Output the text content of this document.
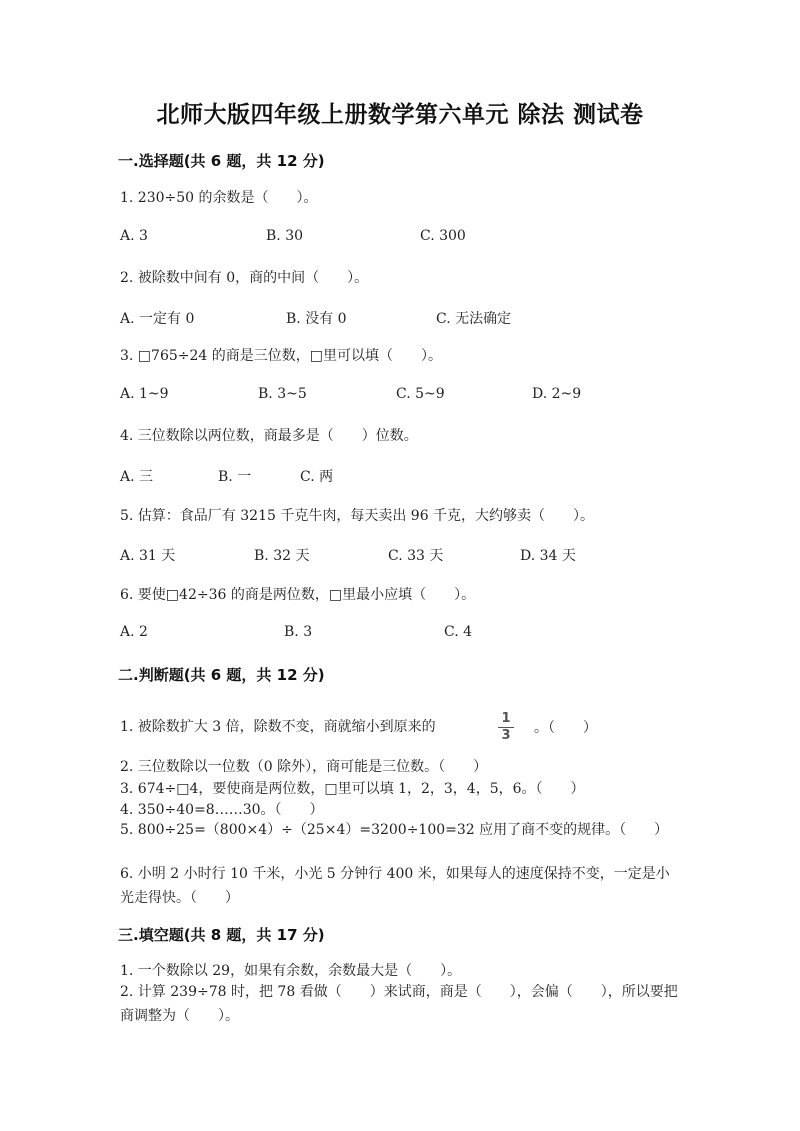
北师大版四年级上册数学第六单元 除法 测试卷
一.选择题(共 6 题，共 12 分)
1. 230÷50 的余数是（　　）。
A. 3	B. 30	C. 300
2. 被除数中间有 0，商的中间（　　）。
A. 一定有 0	B. 没有 0	C. 无法确定
3. □765÷24 的商是三位数，□里可以填（　　）。
A. 1~9	B. 3~5	C. 5~9	D. 2~9
4. 三位数除以两位数，商最多是（　　）位数。
A. 三	B. 一	C. 两
5. 估算：食品厂有 3215 千克牛肉，每天卖出 96 千克，大约够卖（　　）。
A. 31 天	B. 32 天	C. 33 天	D. 34 天
6. 要使□42÷36 的商是两位数，□里最小应填（　　）。
A. 2	B. 3	C. 4
二.判断题(共 6 题，共 12 分)
1. 被除数扩大 3 倍，除数不变，商就缩小到原来的
1
3 。（　　）
2. 三位数除以一位数（0 除外），商可能是三位数。（　　）
3. 674÷□4，要使商是两位数，□里可以填 1，2，3，4，5，6。（　　）
4. 350÷40=8……30。（　　）
5. 800÷25=（800×4）÷（25×4）=3200÷100=32 应用了商不变的规律。（　　）
6. 小明 2 小时行 10 千米，小光 5 分钟行 400 米，如果每人的速度保持不变，一定是小光走得快。（　　）
三.填空题(共 8 题，共 17 分)
1. 一个数除以 29，如果有余数，余数最大是（　　）。
2. 计算 239÷78 时，把 78 看做（　　）来试商，商是（　　），会偏（　　），所以要把商调整为（　　）。
